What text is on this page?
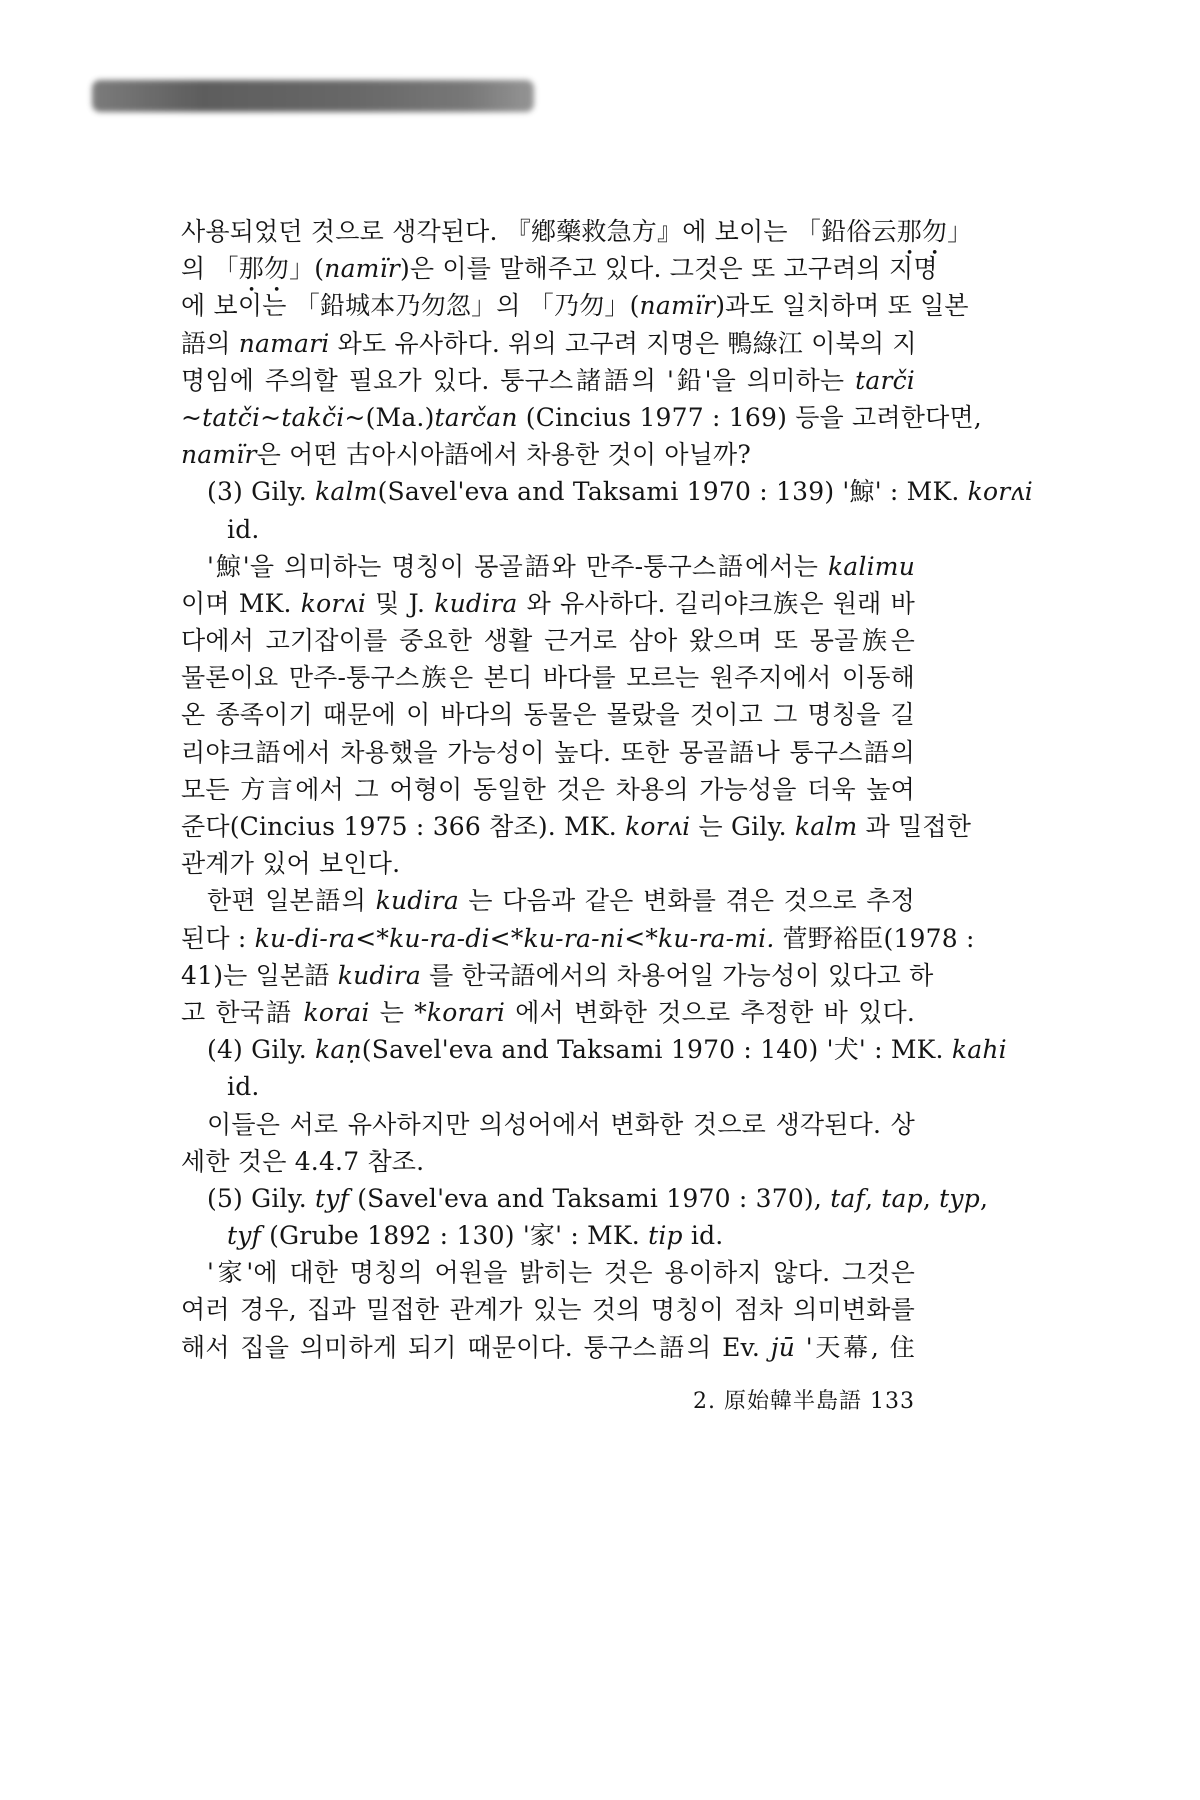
사용되었던 것으로 생각된다. 『鄕藥救急方』에 보이는 「鉛俗云那勿」
의 「那勿」(namïr)은 이를 말해주고 있다. 그것은 또 고구려의 지명
에 보이는 「鉛城本乃勿忽」의 「乃勿」(namïr)과도 일치하며 또 일본
語의 namari 와도 유사하다. 위의 고구려 지명은 鴨綠江 이북의 지
명임에 주의할 필요가 있다. 퉁구스諸語의 '鉛'을 의미하는 tarči
~tatči~takči~(Ma.)tarčan (Cincius 1977 : 169) 등을 고려한다면,
namïr은 어떤 古아시아語에서 차용한 것이 아닐까?
(3) Gily. kalm(Savel'eva and Taksami 1970 : 139) '鯨' : MK. korʌi
id.
'鯨'을 의미하는 명칭이 몽골語와 만주-퉁구스語에서는 kalimu
이며 MK. korʌi 및 J. kudira 와 유사하다. 길리야크族은 원래 바
다에서 고기잡이를 중요한 생활 근거로 삼아 왔으며 또 몽골族은
물론이요 만주-퉁구스族은 본디 바다를 모르는 원주지에서 이동해
온 종족이기 때문에 이 바다의 동물은 몰랐을 것이고 그 명칭을 길
리야크語에서 차용했을 가능성이 높다. 또한 몽골語나 퉁구스語의
모든 方言에서 그 어형이 동일한 것은 차용의 가능성을 더욱 높여
준다(Cincius 1975 : 366 참조). MK. korʌi 는 Gily. kalm 과 밀접한
관계가 있어 보인다.
한편 일본語의 kudira 는 다음과 같은 변화를 겪은 것으로 추정
된다 : ku-di-ra<*ku-ra-di<*ku-ra-ni<*ku-ra-mi. 菅野裕臣(1978 :
41)는 일본語 kudira 를 한국語에서의 차용어일 가능성이 있다고 하
고 한국語 korai 는 *korari 에서 변화한 것으로 추정한 바 있다.
(4) Gily. kaṇ(Savel'eva and Taksami 1970 : 140) '犬' : MK. kahi
id.
이들은 서로 유사하지만 의성어에서 변화한 것으로 생각된다. 상
세한 것은 4.4.7 참조.
(5) Gily. tyf (Savel'eva and Taksami 1970 : 370), taf, tap, typ,
tyf (Grube 1892 : 130) '家' : MK. tip id.
'家'에 대한 명칭의 어원을 밝히는 것은 용이하지 않다. 그것은
여러 경우, 집과 밀접한 관계가 있는 것의 명칭이 점차 의미변화를
해서 집을 의미하게 되기 때문이다. 퉁구스語의 Ev. jū '天幕, 住
2. 原始韓半島語 133
